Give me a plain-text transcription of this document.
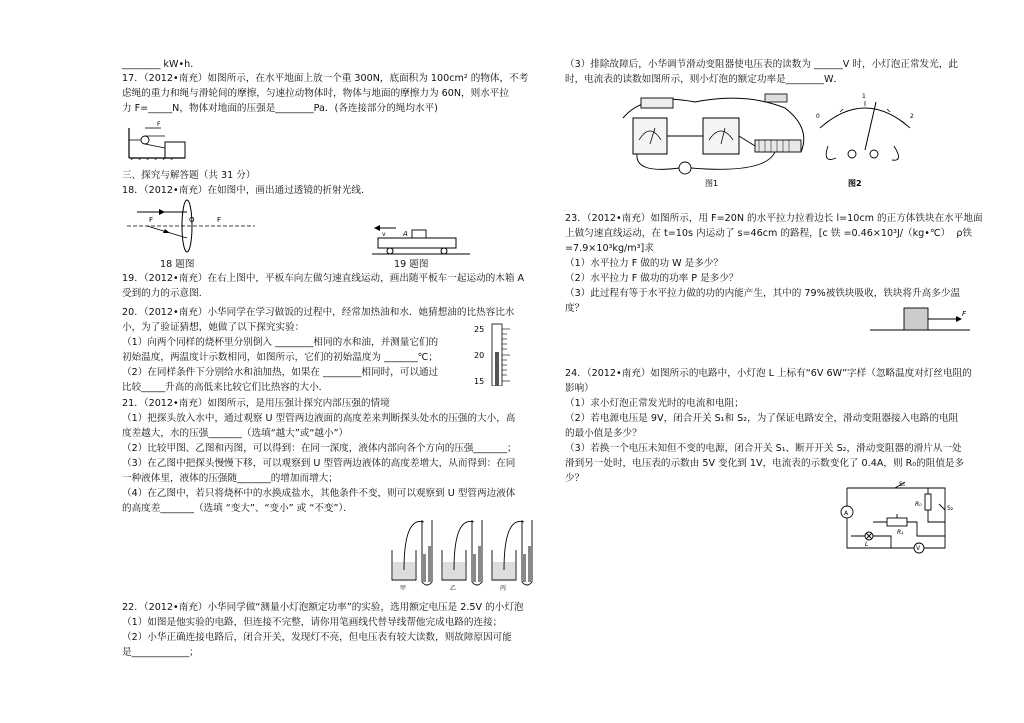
________ kW•h．
17．（2012•南充）如图所示，在水平地面上放一个重 300N，底面积为 100cm² 的物体，不考
虑绳的重力和绳与滑轮间的摩擦，匀速拉动物体时，物体与地面的摩擦力为 60N，则水平拉
力 F=_____N，物体对地面的压强是________Pa．(各连接部分的绳均水平)
F
三、探究与解答题（共 31 分）
18．（2012•南充）在如图中，画出通过透镜的折射光线．
F	O	F
18 题图
A
v
19 题图
19．（2012•南充）在右上图中，平板车向左做匀速直线运动，画出随平板车一起运动的木箱 A
受到的力的示意图．
20．（2012•南充）小华同学在学习做饭的过程中，经常加热油和水．她猜想油的比热容比水
小，为了验证猜想，她做了以下探究实验：
（1）向两个同样的烧杯里分别倒入 ________相同的水和油，并测量它们的
初始温度，两温度计示数相同，如图所示，它们的初始温度为 _______℃；
（2）在同样条件下分别给水和油加热，如果在 ________相同时，可以通过
比较_____升高的高低来比较它们比热容的大小．
25
20
15
21．（2012•南充）如图所示，是用压强计探究内部压强的情境
（1）把探头放入水中，通过观察 U 型管两边液面的高度差来判断探头处水的压强的大小，高
度差越大，水的压强_______（选填“越大”或“越小”）
（2）比较甲图、乙图和丙图，可以得到：在同一深度，液体内部向各个方向的压强_______；
（3）在乙图中把探头慢慢下移，可以观察到 U 型管两边液体的高度差增大，从而得到：在同
一种液体里，液体的压强随_______的增加而增大；
（4）在乙图中，若只将烧杯中的水换成盐水，其他条件不变，则可以观察到 U 型管两边液体
的高度差_______（选填 “变大”、“变小” 或 “不变”）．
甲	乙	丙
22．（2012•南充）小华同学做“测量小灯泡额定功率”的实验，选用额定电压是 2.5V 的小灯泡
（1）如图是他实验的电路，但连接不完整，请你用笔画线代替导线帮他完成电路的连接；
（2）小华正确连接电路后，闭合开关，发现灯不亮，但电压表有较大读数，则故障原因可能
是____________；
（3）排除故障后，小华调节滑动变阻器使电压表的读数为 ______V 时，小灯泡正常发光，此
时，电流表的读数如图所示，则小灯泡的额定功率是________W．
图1
0
1
2
图2
23．（2012•南充）如图所示，用 F=20N 的水平拉力拉着边长 l=10cm 的正方体铁块在水平地面
上做匀速直线运动，在 t=10s 内运动了 s=46cm 的路程，[c 铁 =0.46×10³J/（kg•℃）  ρ铁
=7.9×10³kg/m³]求
（1）水平拉力 F 做的功 W 是多少？
（2）水平拉力 F 做功的功率 P 是多少？
（3）此过程有等于水平拉力做的功的内能产生，其中的 79%被铁块吸收，铁块将升高多少温
度？	F
24．（2012•南充）如图所示的电路中，小灯泡 L 上标有“6V 6W”字样（忽略温度对灯丝电阻的
影响）
（1）求小灯泡正常发光时的电流和电阻；
（2）若电源电压是 9V，闭合开关 S₁和 S₂，为了保证电路安全，滑动变阻器接入电路的电阻
的最小值是多少？
（3）若换一个电压未知但不变的电源，闭合开关 S₁、断开开关 S₂，滑动变阻器的滑片从一处
滑到另一处时，电压表的示数由 5V 变化到 1V，电流表的示数变化了 0.4A，则 R₀的阻值是多
少？
S₁
A
R₀
S₂
L
R₁
V
